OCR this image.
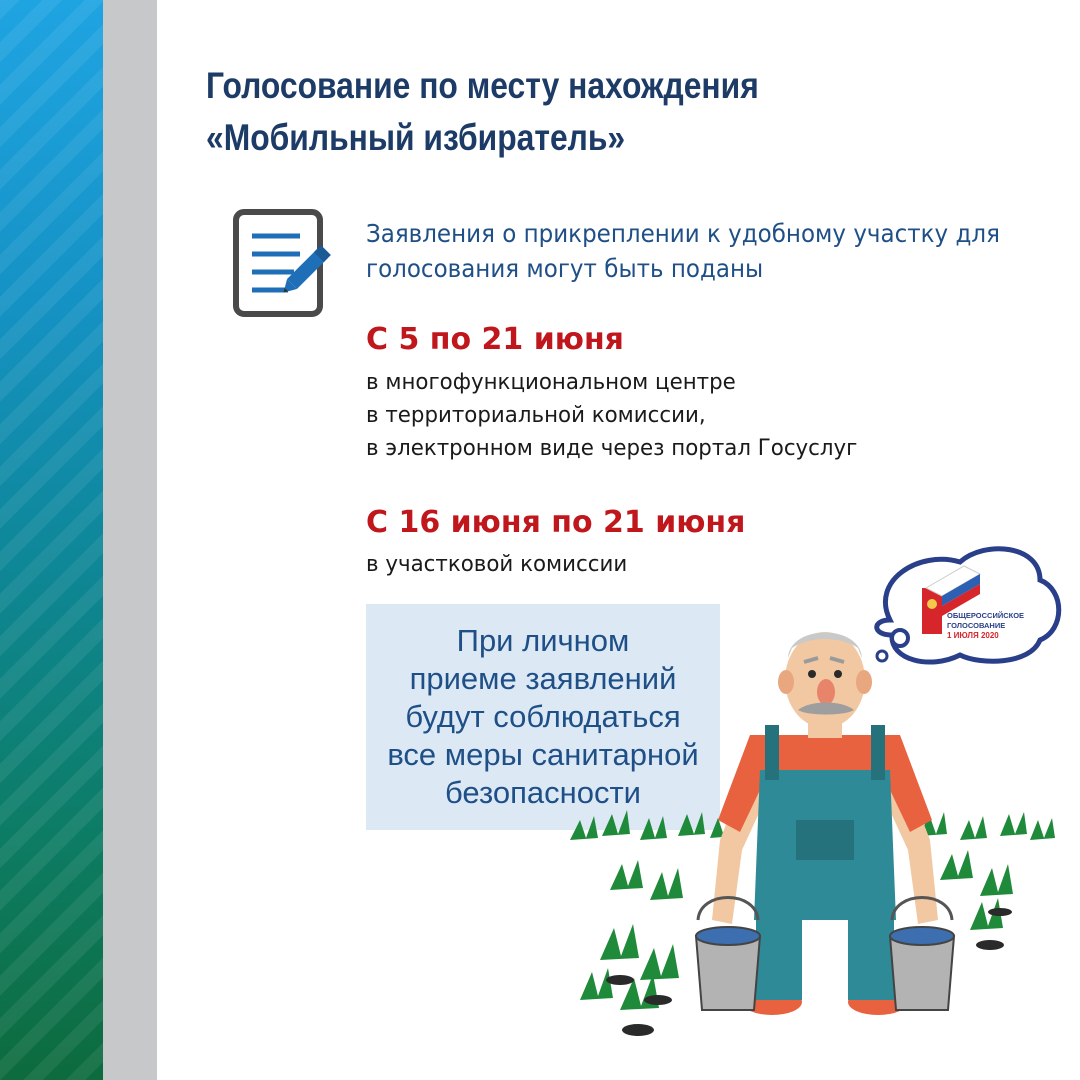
Голосование по месту нахождения
«Мобильный избиратель»
Заявления о прикреплении к удобному участку для
голосования могут быть поданы
С 5 по 21 июня
в многофункциональном центре
в территориальной комиссии,
в электронном виде через портал Госуслуг
С 16 июня по 21 июня
в участковой комиссии
При личном
приеме заявлений
будут соблюдаться
все меры санитарной
безопасности
ОБЩЕРОССИЙСКОЕ
ГОЛОСОВАНИЕ
1 ИЮЛЯ 2020
